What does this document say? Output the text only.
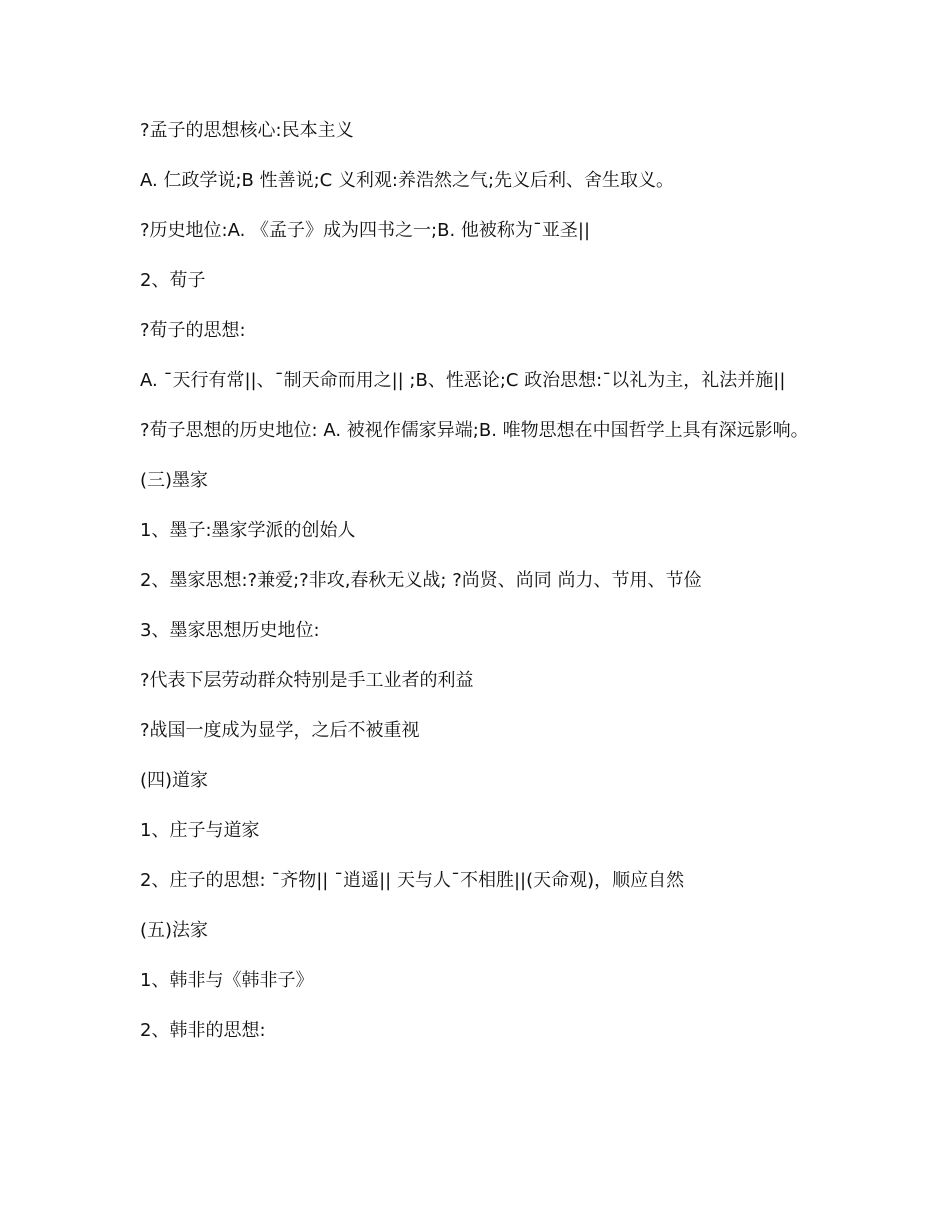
?孟子的思想核心:民本主义

A. 仁政学说;B 性善说;C 义利观:养浩然之气;先义后利、舍生取义。

?历史地位:A. 《孟子》成为四书之一;B. 他被称为¯亚圣||

2、荀子

?荀子的思想:

A. ¯天行有常||、¯制天命而用之|| ;B、性恶论;C 政治思想:¯以礼为主，礼法并施||

?荀子思想的历史地位: A. 被视作儒家异端;B. 唯物思想在中国哲学上具有深远影响。

(三)墨家

1、墨子:墨家学派的创始人

2、墨家思想:?兼爱;?非攻,春秋无义战; ?尚贤、尚同 尚力、节用、节俭

3、墨家思想历史地位:

?代表下层劳动群众特别是手工业者的利益

?战国一度成为显学，之后不被重视

(四)道家

1、庄子与道家

2、庄子的思想: ¯齐物|| ¯逍遥|| 天与人¯不相胜||(天命观)，顺应自然

(五)法家

1、韩非与《韩非子》

2、韩非的思想:
